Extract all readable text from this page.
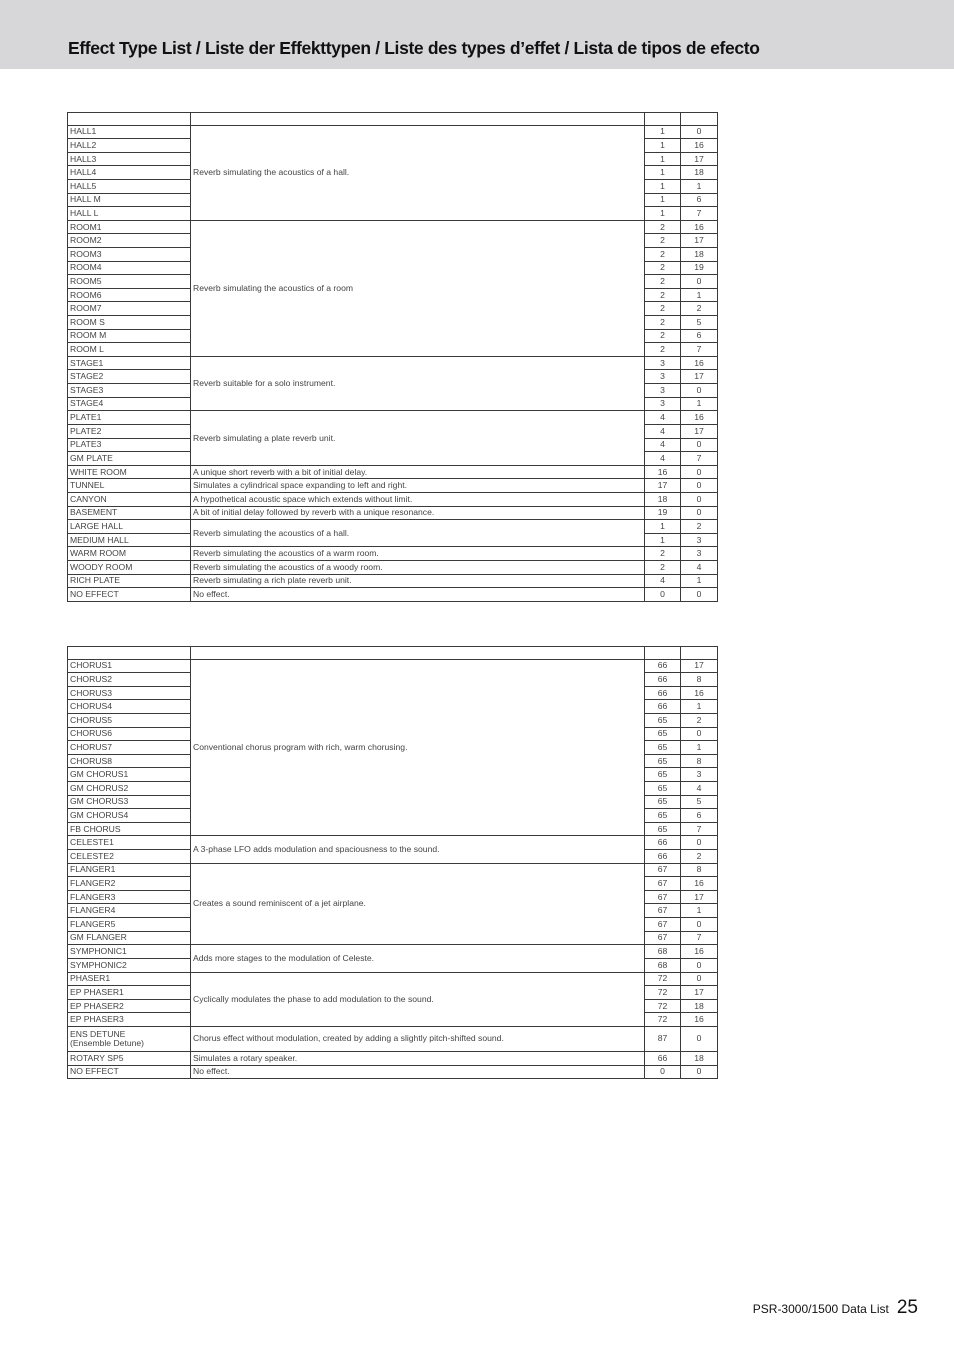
Effect Type List / Liste der Effekttypen / Liste des types d’effet / Lista de tipos de efecto

HALL1	Reverb simulating the acoustics of a hall.	1	0
HALL2		1	16
HALL3		1	17
HALL4		1	18
HALL5		1	1
HALL M		1	6
HALL L		1	7
ROOM1	Reverb simulating the acoustics of a room	2	16
ROOM2		2	17
ROOM3		2	18
ROOM4		2	19
ROOM5		2	0
ROOM6		2	1
ROOM7		2	2
ROOM S		2	5
ROOM M		2	6
ROOM L		2	7
STAGE1	Reverb suitable for a solo instrument.	3	16
STAGE2		3	17
STAGE3		3	0
STAGE4		3	1
PLATE1	Reverb simulating a plate reverb unit.	4	16
PLATE2		4	17
PLATE3		4	0
GM PLATE		4	7
WHITE ROOM	A unique short reverb with a bit of initial delay.	16	0
TUNNEL	Simulates a cylindrical space expanding to left and right.	17	0
CANYON	A hypothetical acoustic space which extends without limit.	18	0
BASEMENT	A bit of initial delay followed by reverb with a unique resonance.	19	0
LARGE HALL	Reverb simulating the acoustics of a hall.	1	2
MEDIUM HALL		1	3
WARM ROOM	Reverb simulating the acoustics of a warm room.	2	3
WOODY ROOM	Reverb simulating the acoustics of a woody room.	2	4
RICH PLATE	Reverb simulating a rich plate reverb unit.	4	1
NO EFFECT	No effect.	0	0

CHORUS1	Conventional chorus program with rich, warm chorusing.	66	17
CHORUS2		66	8
CHORUS3		66	16
CHORUS4		66	1
CHORUS5		65	2
CHORUS6		65	0
CHORUS7		65	1
CHORUS8		65	8
GM CHORUS1		65	3
GM CHORUS2		65	4
GM CHORUS3		65	5
GM CHORUS4		65	6
FB CHORUS		65	7
CELESTE1	A 3-phase LFO adds modulation and spaciousness to the sound.	66	0
CELESTE2		66	2
FLANGER1	Creates a sound reminiscent of a jet airplane.	67	8
FLANGER2		67	16
FLANGER3		67	17
FLANGER4		67	1
FLANGER5		67	0
GM FLANGER		67	7
SYMPHONIC1	Adds more stages to the modulation of Celeste.	68	16
SYMPHONIC2		68	0
PHASER1	Cyclically modulates the phase to add modulation to the sound.	72	0
EP PHASER1		72	17
EP PHASER2		72	18
EP PHASER3		72	16
ENS DETUNE
(Ensemble Detune)	Chorus effect without modulation, created by adding a slightly pitch-shifted sound.	87	0
ROTARY SP5	Simulates a rotary speaker.	66	18
NO EFFECT	No effect.	0	0
PSR-3000/1500 Data List 25
